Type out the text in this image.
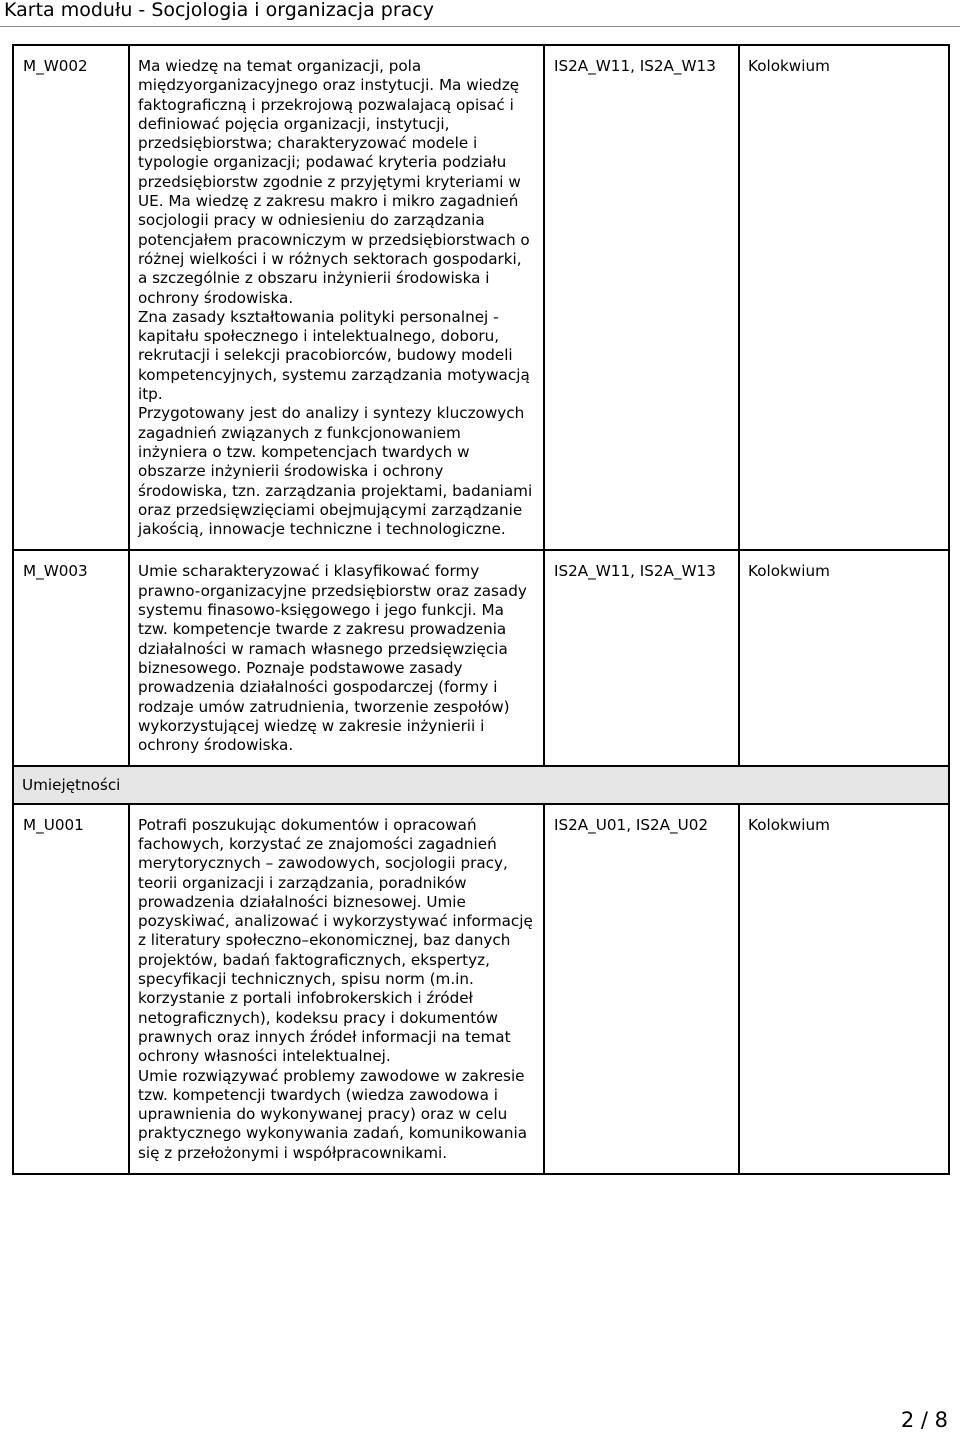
Karta modułu - Socjologia i organizacja pracy
M_W002	Ma wiedzę na temat organizacji, pola międzyorganizacyjnego oraz instytucji. Ma wiedzę faktograficzną i przekrojową pozwalajacą opisać i definiować pojęcia organizacji, instytucji, przedsiębiorstwa; charakteryzować modele i typologie organizacji; podawać kryteria podziału przedsiębiorstw zgodnie z przyjętymi kryteriami w UE. Ma wiedzę z zakresu makro i mikro zagadnień socjologii pracy w odniesieniu do zarządzania potencjałem pracowniczym w przedsiębiorstwach o różnej wielkości i w różnych sektorach gospodarki, a szczególnie z obszaru inżynierii środowiska i ochrony środowiska.
Zna zasady kształtowania polityki personalnej - kapitału społecznego i intelektualnego, doboru, rekrutacji i selekcji pracobiorców, budowy modeli kompetencyjnych, systemu zarządzania motywacją itp.
Przygotowany jest do analizy i syntezy kluczowych zagadnień związanych z funkcjonowaniem inżyniera o tzw. kompetencjach twardych w obszarze inżynierii środowiska i ochrony środowiska, tzn. zarządzania projektami, badaniami oraz przedsięwzięciami obejmującymi zarządzanie jakością, innowacje techniczne i technologiczne.	IS2A_W11, IS2A_W13	Kolokwium
M_W003	Umie scharakteryzować i klasyfikować formy prawno-organizacyjne przedsiębiorstw oraz zasady systemu finasowo-księgowego i jego funkcji. Ma tzw. kompetencje twarde z zakresu prowadzenia działalności w ramach własnego przedsięwzięcia biznesowego. Poznaje podstawowe zasady prowadzenia działalności gospodarczej (formy i rodzaje umów zatrudnienia, tworzenie zespołów) wykorzystującej wiedzę w zakresie inżynierii i ochrony środowiska.	IS2A_W11, IS2A_W13	Kolokwium
Umiejętności			
M_U001	Potrafi poszukując dokumentów i opracowań fachowych, korzystać ze znajomości zagadnień merytorycznych – zawodowych, socjologii pracy, teorii organizacji i zarządzania, poradników prowadzenia działalności biznesowej. Umie pozyskiwać, analizować i wykorzystywać informację z literatury społeczno–ekonomicznej, baz danych projektów, badań faktograficznych, ekspertyz, specyfikacji technicznych, spisu norm (m.in. korzystanie z portali infobrokerskich i źródeł netograficznych), kodeksu pracy i dokumentów prawnych oraz innych źródeł informacji na temat ochrony własności intelektualnej.
Umie rozwiązywać problemy zawodowe w zakresie tzw. kompetencji twardych (wiedza zawodowa i uprawnienia do wykonywanej pracy) oraz w celu praktycznego wykonywania zadań, komunikowania się z przełożonymi i współpracownikami.	IS2A_U01, IS2A_U02	Kolokwium
2 / 8
